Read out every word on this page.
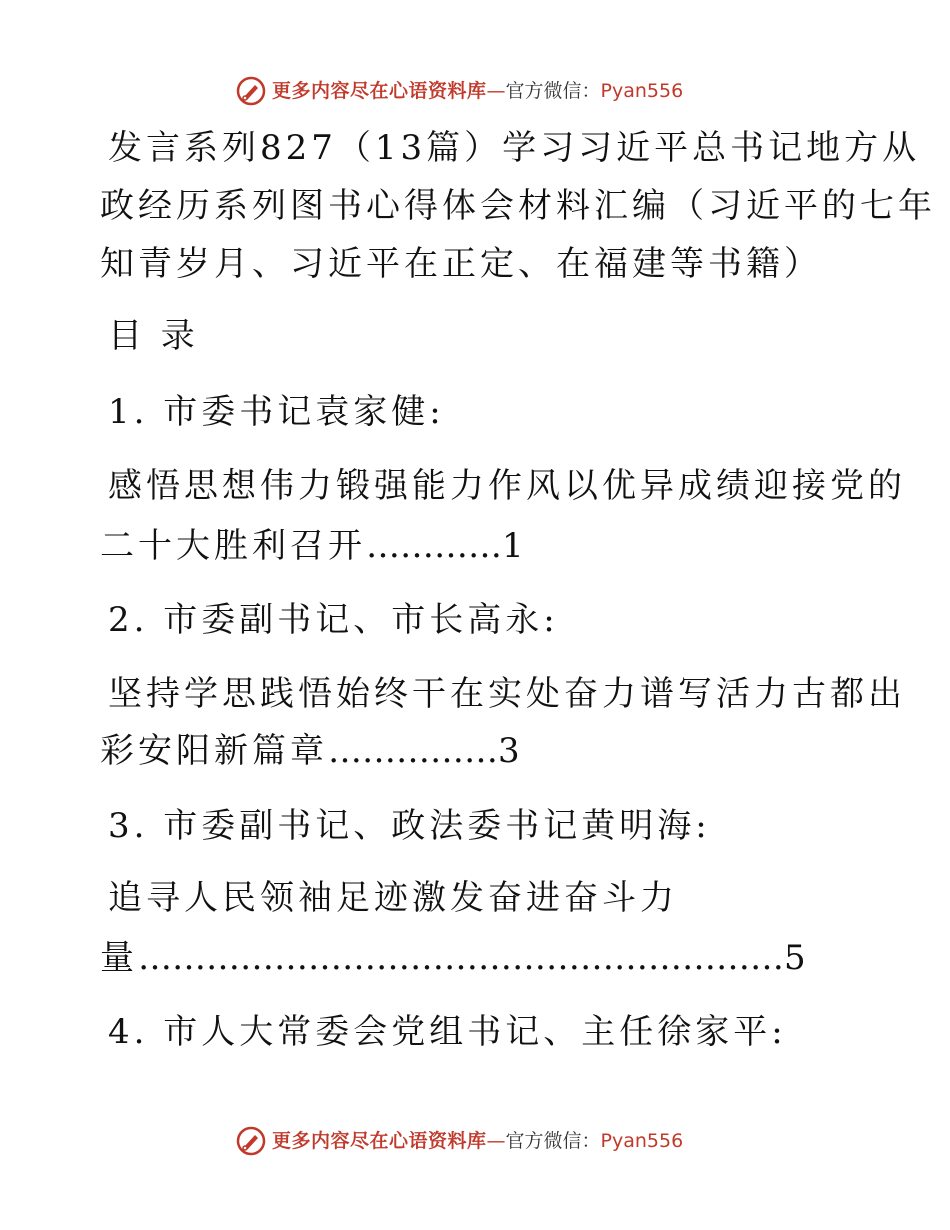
更多内容尽在心语资料库—官方微信：Pyan556
发言系列827（13篇）学习习近平总书记地方从
政经历系列图书心得体会材料汇编（习近平的七年
知青岁月、习近平在正定、在福建等书籍）
目 录
1. 市委书记袁家健:
感悟思想伟力锻强能力作风以优异成绩迎接党的
二十大胜利召开…………1
2. 市委副书记、市长高永:
坚持学思践悟始终干在实处奋力谱写活力古都出
彩安阳新篇章……………3
3. 市委副书记、政法委书记黄明海:
追寻人民领袖足迹激发奋进奋斗力
量…………………………………………………5
4. 市人大常委会党组书记、主任徐家平:
更多内容尽在心语资料库—官方微信：Pyan556
